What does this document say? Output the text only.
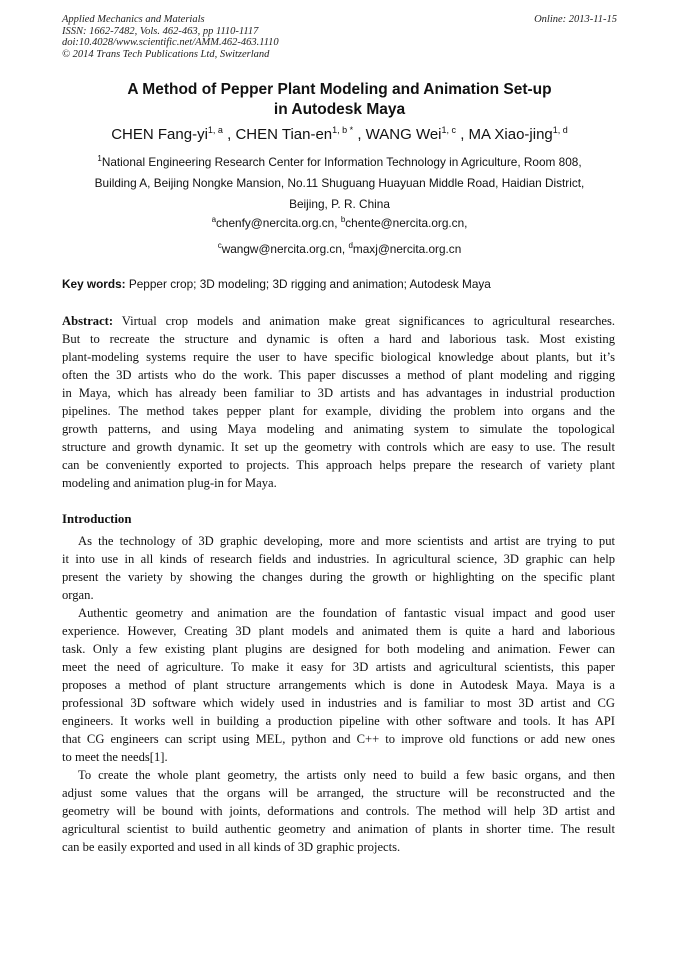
Applied Mechanics and Materials
ISSN: 1662-7482, Vols. 462-463, pp 1110-1117
doi:10.4028/www.scientific.net/AMM.462-463.1110
© 2014 Trans Tech Publications Ltd, Switzerland
Online: 2013-11-15
A Method of Pepper Plant Modeling and Animation Set-up
in Autodesk Maya
CHEN Fang-yi$^{1, a}$ , CHEN Tian-$en^{1, b *}$ , WANG Wei$^{1, c}$ , MA Xiao-jing$^{1, d}$
$^1$National Engineering Research Center for Information Technology in Agriculture, Room 808,
Building A, Beijing Nongke Mansion, No.11 Shuguang Huayuan Middle Road, Haidian District,
Beijing, P. R. China
$^a$chenfy@nercita.org.cn, $^b$chente@nercita.org.cn,
$^c$wangw@nercita.org.cn, $^d$maxj@nercita.org.cn
Key words: Pepper crop; 3D modeling; 3D rigging and animation; Autodesk Maya
Abstract: Virtual crop models and animation make great significances to agricultural researches.
But to recreate the structure and dynamic is often a hard and laborious task. Most existing
plant-modeling systems require the user to have specific biological knowledge about plants, but it’s
often the 3D artists who do the work. This paper discusses a method of plant modeling and rigging
in Maya, which has already been familiar to 3D artists and has advantages in industrial production
pipelines. The method takes pepper plant for example, dividing the problem into organs and the
growth patterns, and using Maya modeling and animating system to simulate the topological
structure and growth dynamic. It set up the geometry with controls which are easy to use. The result
can be conveniently exported to projects. This approach helps prepare the research of variety plant
modeling and animation plug-in for Maya.
Introduction
As the technology of 3D graphic developing, more and more scientists and artist are trying to put
it into use in all kinds of research fields and industries. In agricultural science, 3D graphic can help
present the variety by showing the changes during the growth or highlighting on the specific plant
organ.
Authentic geometry and animation are the foundation of fantastic visual impact and good user
experience. However, Creating 3D plant models and animated them is quite a hard and laborious
task. Only a few existing plant plugins are designed for both modeling and animation. Fewer can
meet the need of agriculture. To make it easy for 3D artists and agricultural scientists, this paper
proposes a method of plant structure arrangements which is done in Autodesk Maya. Maya is a
professional 3D software which widely used in industries and is familiar to most 3D artist and CG
engineers. It works well in building a production pipeline with other software and tools. It has API
that CG engineers can script using MEL, python and C++ to improve old functions or add new ones
to meet the needs[1].
To create the whole plant geometry, the artists only need to build a few basic organs, and then
adjust some values that the organs will be arranged, the structure will be reconstructed and the
geometry will be bound with joints, deformations and controls. The method will help 3D artist and
agricultural scientist to build authentic geometry and animation of plants in shorter time. The result
can be easily exported and used in all kinds of 3D graphic projects.
